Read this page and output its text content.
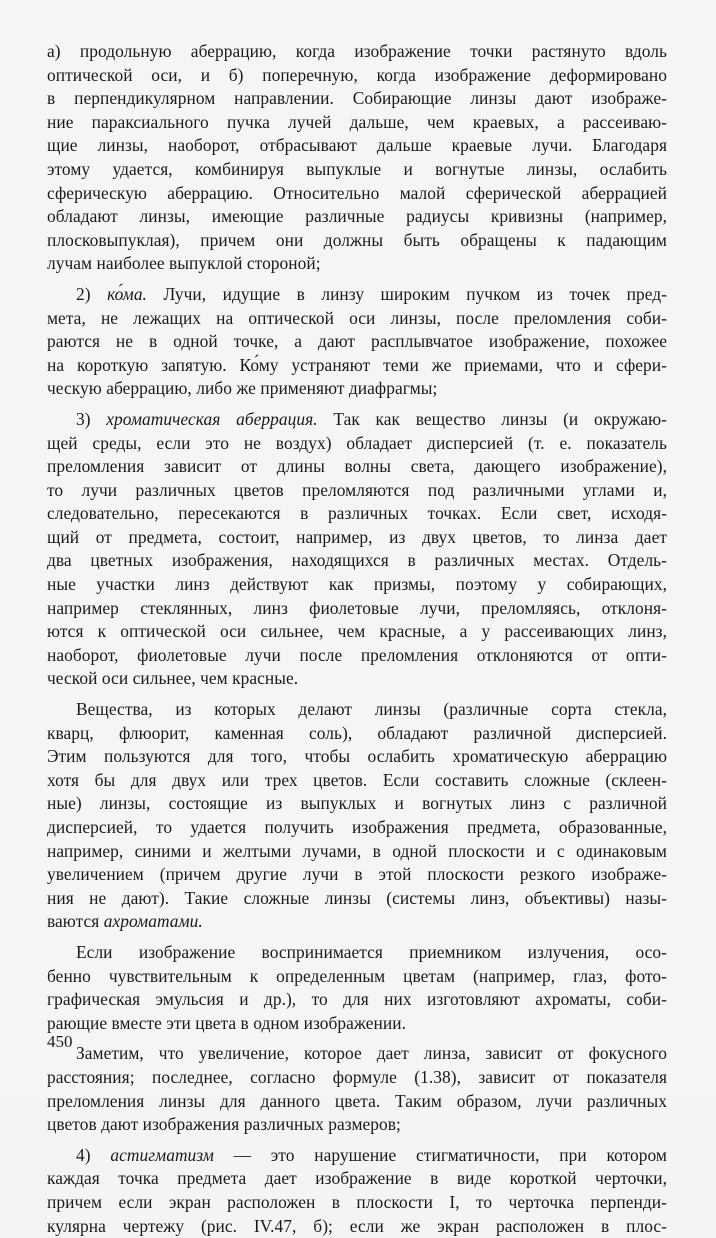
а) продольную аберрацию, когда изображение точки растянуто вдоль
оптической оси, и б) поперечную, когда изображение деформировано
в перпендикулярном направлении. Собирающие линзы дают изображе-
ние параксиального пучка лучей дальше, чем краевых, а рассеиваю-
щие линзы, наоборот, отбрасывают дальше краевые лучи. Благодаря
этому удается, комбинируя выпуклые и вогнутые линзы, ослабить
сферическую аберрацию. Относительно малой сферической аберрацией
обладают линзы, имеющие различные радиусы кривизны (например,
плосковыпуклая), причем они должны быть обращены к падающим
лучам наиболее выпуклой стороной;

2) ко́ма. Лучи, идущие в линзу широким пучком из точек пред-
мета, не лежащих на оптической оси линзы, после преломления соби-
раются не в одной точке, а дают расплывчатое изображение, похожее
на короткую запятую. Ко́му устраняют теми же приемами, что и сфери-
ческую аберрацию, либо же применяют диафрагмы;

3) хроматическая аберрация. Так как вещество линзы (и окружаю-
щей среды, если это не воздух) обладает дисперсией (т. е. показатель
преломления зависит от длины волны света, дающего изображение),
то лучи различных цветов преломляются под различными углами и,
следовательно, пересекаются в различных точках. Если свет, исходя-
щий от предмета, состоит, например, из двух цветов, то линза дает
два цветных изображения, находящихся в различных местах. Отдель-
ные участки линз действуют как призмы, поэтому у собирающих,
например стеклянных, линз фиолетовые лучи, преломляясь, отклоня-
ются к оптической оси сильнее, чем красные, а у рассеивающих линз,
наоборот, фиолетовые лучи после преломления отклоняются от опти-
ческой оси сильнее, чем красные.

Вещества, из которых делают линзы (различные сорта стекла,
кварц, флюорит, каменная соль), обладают различной дисперсией.
Этим пользуются для того, чтобы ослабить хроматическую аберрацию
хотя бы для двух или трех цветов. Если составить сложные (склеен-
ные) линзы, состоящие из выпуклых и вогнутых линз с различной
дисперсией, то удается получить изображения предмета, образованные,
например, синими и желтыми лучами, в одной плоскости и с одинаковым
увеличением (причем другие лучи в этой плоскости резкого изображе-
ния не дают). Такие сложные линзы (системы линз, объективы) назы-
ваются ахроматами.

Если изображение воспринимается приемником излучения, осо-
бенно чувствительным к определенным цветам (например, глаз, фото-
графическая эмульсия и др.), то для них изготовляют ахроматы, соби-
рающие вместе эти цвета в одном изображении.

Заметим, что увеличение, которое дает линза, зависит от фокусного
расстояния; последнее, согласно формуле (1.38), зависит от показателя
преломления линзы для данного цвета. Таким образом, лучи различных
цветов дают изображения различных размеров;

4) астигматизм — это нарушение стигматичности, при котором
каждая точка предмета дает изображение в виде короткой черточки,
причем если экран расположен в плоскости I, то черточка перпенди-
кулярна чертежу (рис. IV.47, б); если же экран расположен в плос-

450
